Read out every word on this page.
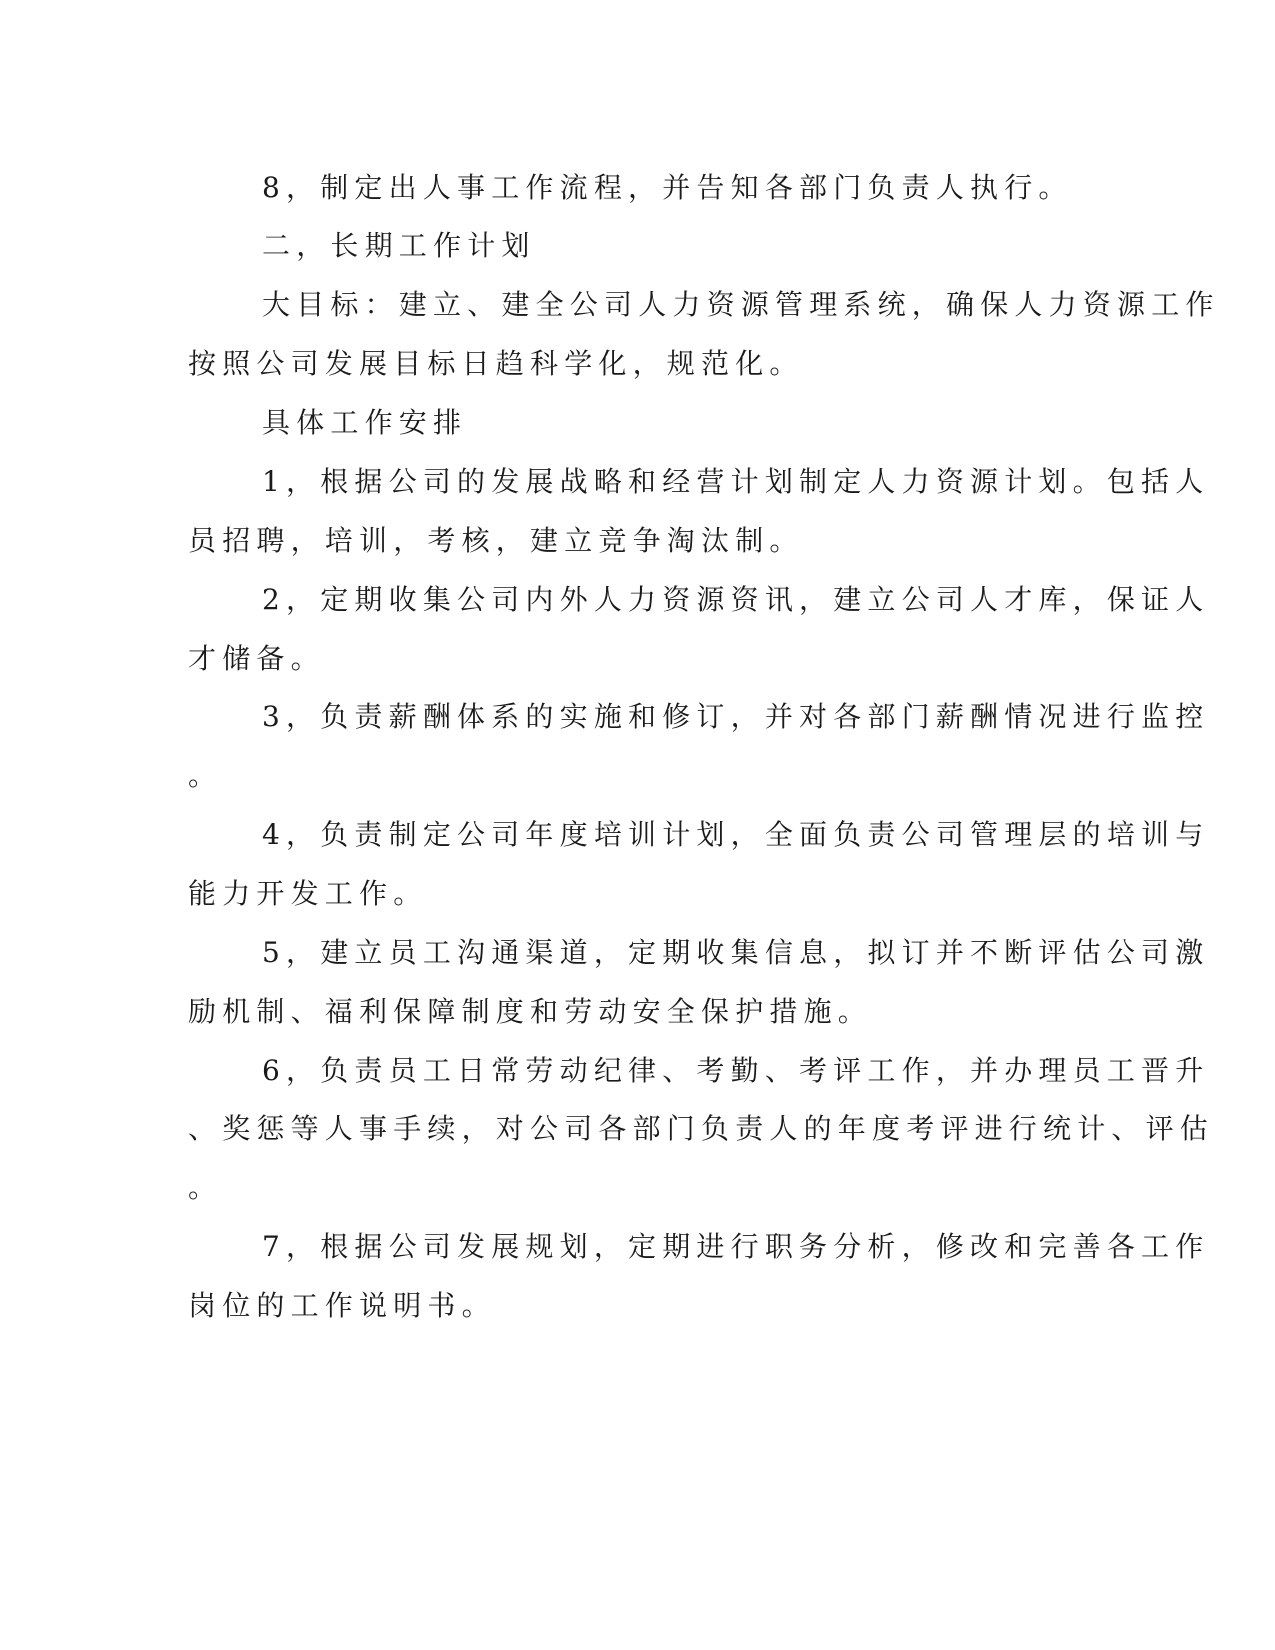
8，制定出人事工作流程，并告知各部门负责人执行。
二，长期工作计划
大目标：建立、建全公司人力资源管理系统，确保人力资源工作
按照公司发展目标日趋科学化，规范化。
具体工作安排
1，根据公司的发展战略和经营计划制定人力资源计划。包括人
员招聘，培训，考核，建立竞争淘汰制。
2，定期收集公司内外人力资源资讯，建立公司人才库，保证人
才储备。
3，负责薪酬体系的实施和修订，并对各部门薪酬情况进行监控
。
4，负责制定公司年度培训计划，全面负责公司管理层的培训与
能力开发工作。
5，建立员工沟通渠道，定期收集信息，拟订并不断评估公司激
励机制、福利保障制度和劳动安全保护措施。
6，负责员工日常劳动纪律、考勤、考评工作，并办理员工晋升
、奖惩等人事手续，对公司各部门负责人的年度考评进行统计、评估
。
7，根据公司发展规划，定期进行职务分析，修改和完善各工作
岗位的工作说明书。
